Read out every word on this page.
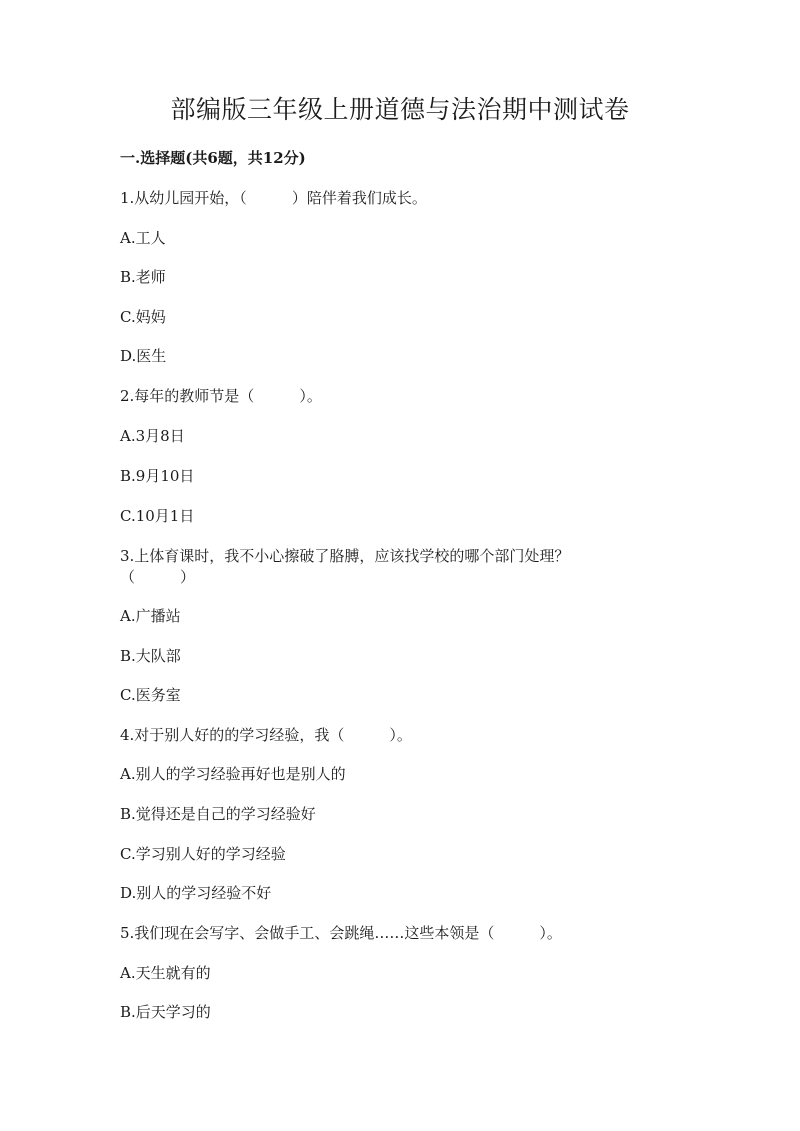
部编版三年级上册道德与法治期中测试卷
一.选择题(共6题，共12分)
1.从幼儿园开始，（　　　）陪伴着我们成长。
A.工人
B.老师
C.妈妈
D.医生
2.每年的教师节是（　　　）。
A.3月8日
B.9月10日
C.10月1日
3.上体育课时，我不小心擦破了胳膊，应该找学校的哪个部门处理？
（　　　）
A.广播站
B.大队部
C.医务室
4.对于别人好的的学习经验，我（　　　）。
A.别人的学习经验再好也是别人的
B.觉得还是自己的学习经验好
C.学习别人好的学习经验
D.别人的学习经验不好
5.我们现在会写字、会做手工、会跳绳……这些本领是（　　　）。
A.天生就有的
B.后天学习的
